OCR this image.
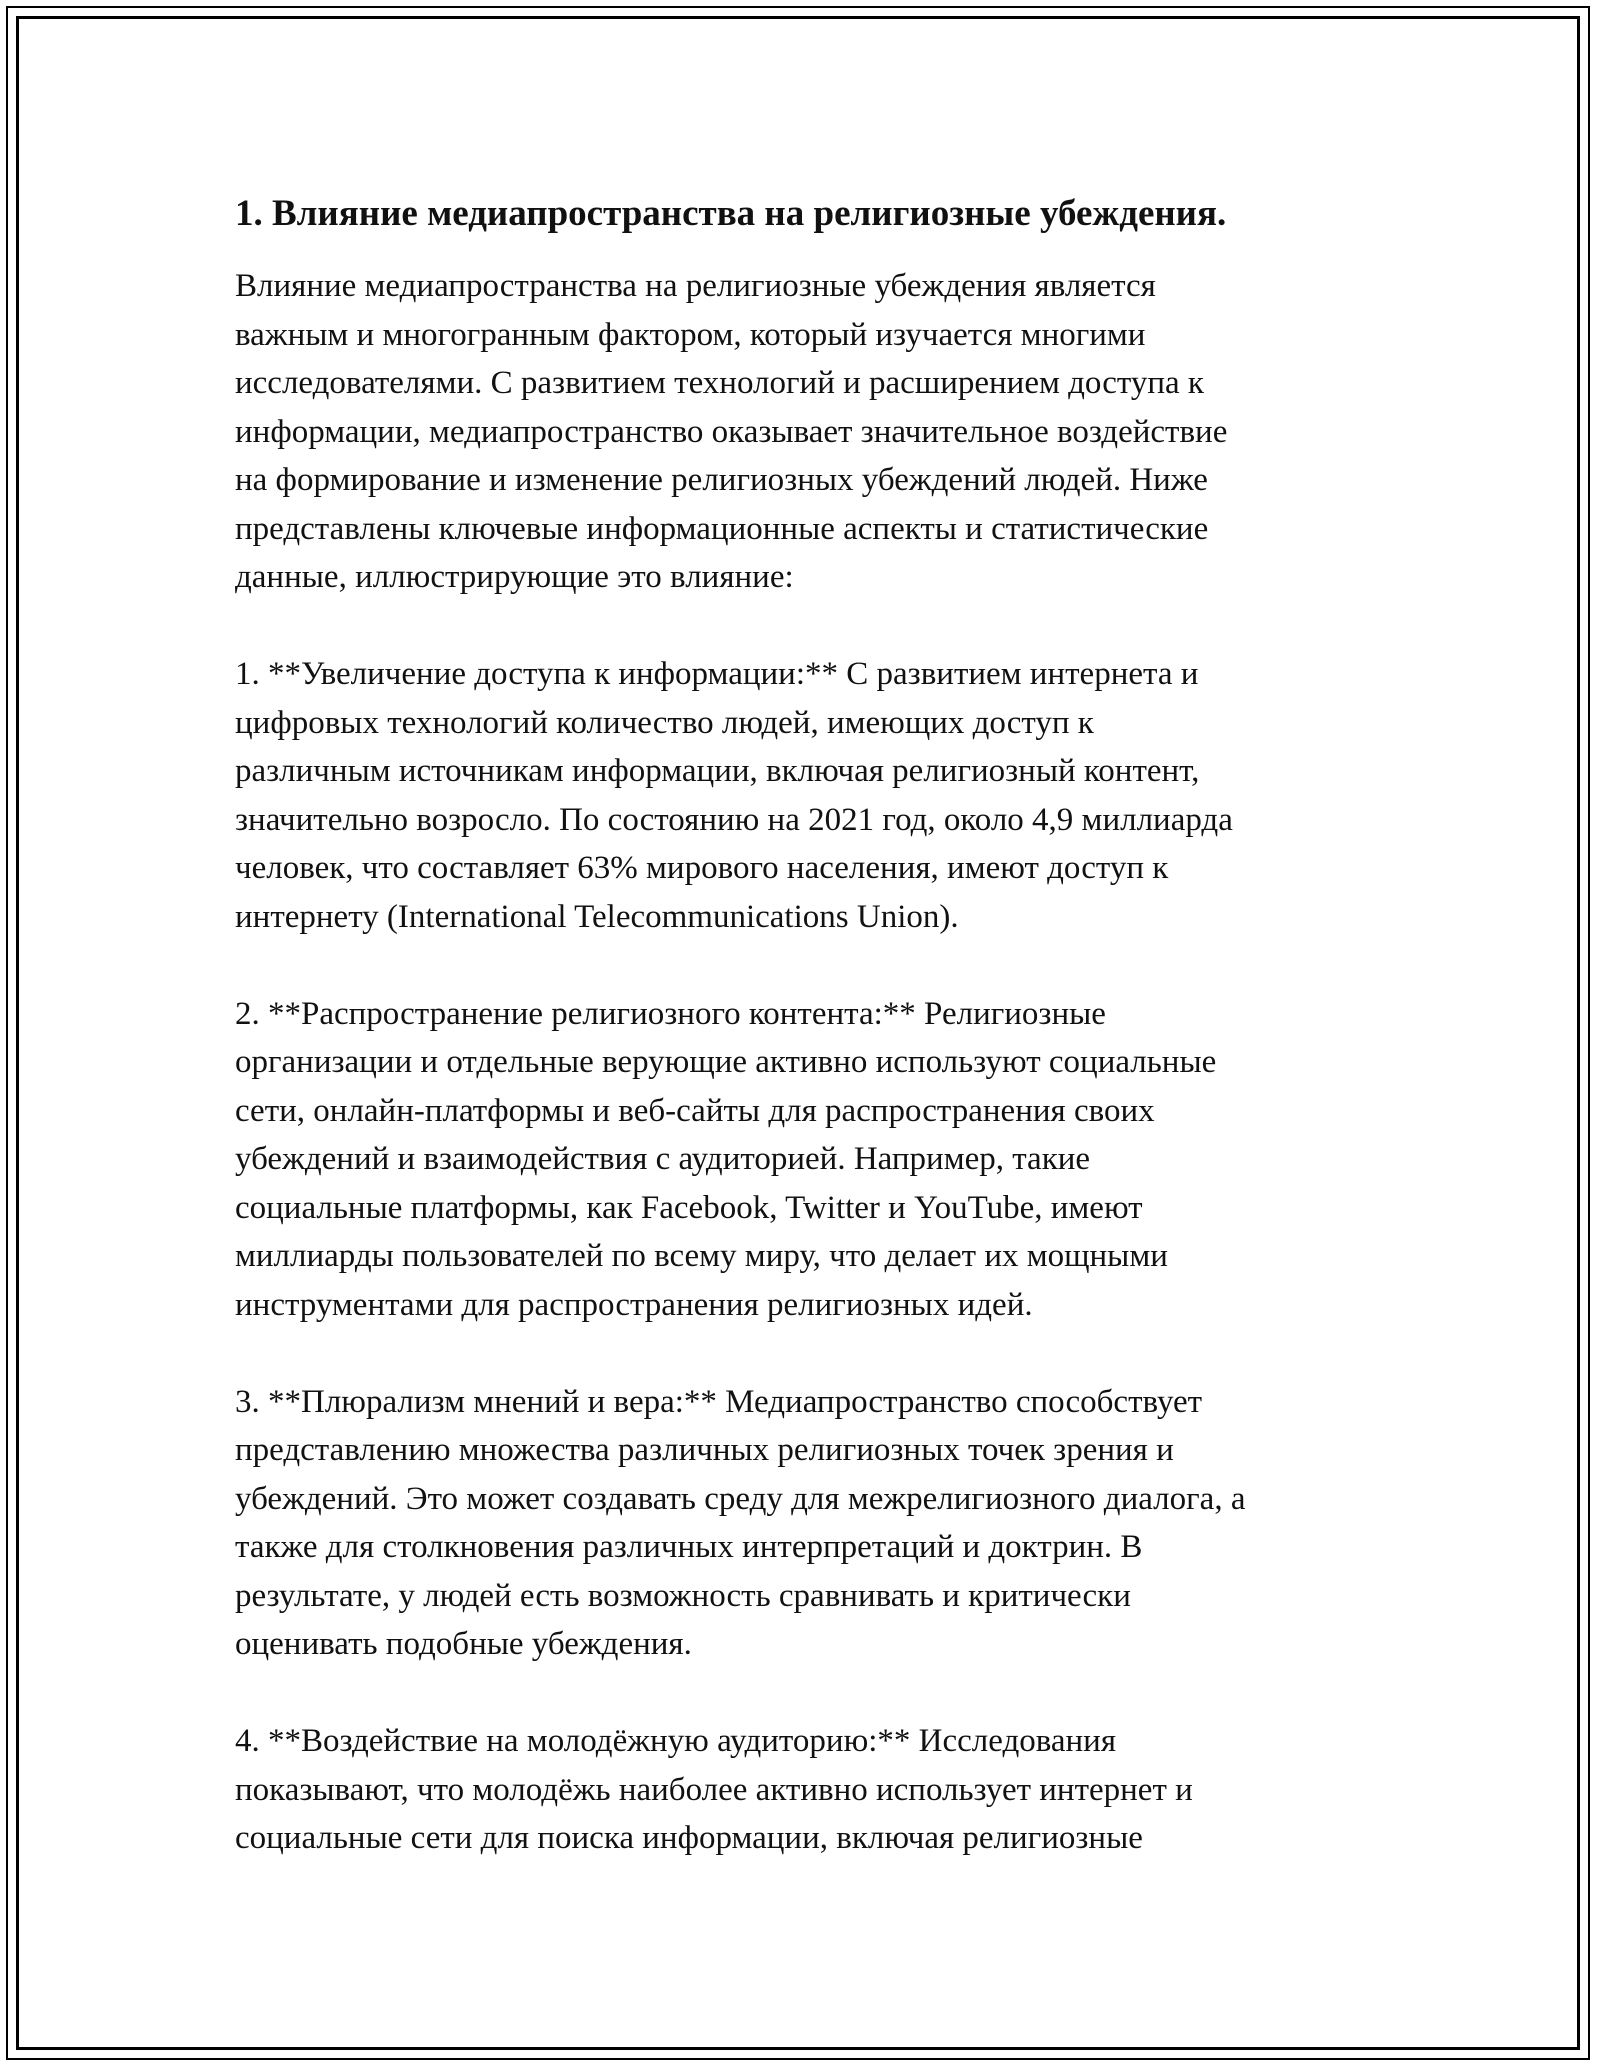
1. Влияние медиапространства на религиозные убеждения.
Влияние медиапространства на религиозные убеждения является
важным и многогранным фактором, который изучается многими
исследователями. С развитием технологий и расширением доступа к
информации, медиапространство оказывает значительное воздействие
на формирование и изменение религиозных убеждений людей. Ниже
представлены ключевые информационные аспекты и статистические
данные, иллюстрирующие это влияние:
1. **Увеличение доступа к информации:** С развитием интернета и
цифровых технологий количество людей, имеющих доступ к
различным источникам информации, включая религиозный контент,
значительно возросло. По состоянию на 2021 год, около 4,9 миллиарда
человек, что составляет 63% мирового населения, имеют доступ к
интернету (International Telecommunications Union).
2. **Распространение религиозного контента:** Религиозные
организации и отдельные верующие активно используют социальные
сети, онлайн-платформы и веб-сайты для распространения своих
убеждений и взаимодействия с аудиторией. Например, такие
социальные платформы, как Facebook, Twitter и YouTube, имеют
миллиарды пользователей по всему миру, что делает их мощными
инструментами для распространения религиозных идей.
3. **Плюрализм мнений и вера:** Медиапространство способствует
представлению множества различных религиозных точек зрения и
убеждений. Это может создавать среду для межрелигиозного диалога, а
также для столкновения различных интерпретаций и доктрин. В
результате, у людей есть возможность сравнивать и критически
оценивать подобные убеждения.
4. **Воздействие на молодёжную аудиторию:** Исследования
показывают, что молодёжь наиболее активно использует интернет и
социальные сети для поиска информации, включая религиозные
